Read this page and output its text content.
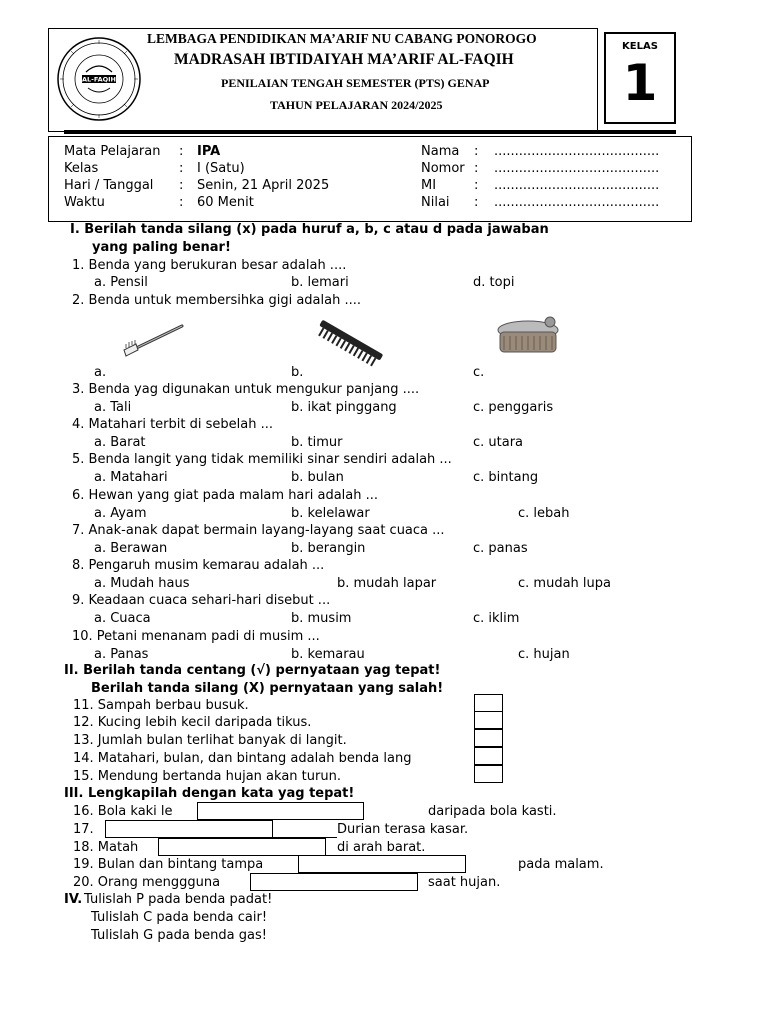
AL-FAQIH
LEMBAGA PENDIDIKAN MA’ARIF NU CABANG PONOROGO
MADRASAH IBTIDAIYAH MA’ARIF AL-FAQIH
PENILAIAN TENGAH SEMESTER (PTS) GENAP
TAHUN PELAJARAN 2024/2025
KELAS
1
Mata Pelajaran : IPA
Kelas	: I (Satu)
Hari / Tanggal : Senin, 21 April 2025
Waktu	: 60 Menit
Nama : ........................................
Nomor : ........................................
MI	: ........................................
Nilai : ........................................
I. Berilah tanda silang (x) pada huruf a, b, c atau d pada jawaban
yang paling benar!
1. Benda yang berukuran besar adalah ....
a. Pensil	b. lemari	d. topi
2. Benda untuk membersihka gigi adalah ....
a.	b.	c.
3. Benda yag digunakan untuk mengukur panjang ....
a. Tali	b. ikat pinggang	c. penggaris
4. Matahari terbit di sebelah ...
a. Barat	b. timur	c. utara
5. Benda langit yang tidak memiliki sinar sendiri adalah ...
a. Matahari	b. bulan	c. bintang
6. Hewan yang giat pada malam hari adalah ...
a. Ayam	b. kelelawar	c. lebah
7. Anak-anak dapat bermain layang-layang saat cuaca ...
a. Berawan	b. berangin	c. panas
8. Pengaruh musim kemarau adalah ...
a. Mudah haus	b. mudah lapar	c. mudah lupa
9. Keadaan cuaca sehari-hari disebut ...
a. Cuaca	b. musim	c. iklim
10. Petani menanam padi di musim ...
a. Panas	b. kemarau	c. hujan
II. Berilah tanda centang (√) pernyataan yag tepat!
Berilah tanda silang (X) pernyataan yang salah!
11. Sampah berbau busuk.
12. Kucing lebih kecil daripada tikus.
13. Jumlah bulan terlihat banyak di langit.
14. Matahari, bulan, dan bintang adalah benda lang
15. Mendung bertanda hujan akan turun.
III. Lengkapilah dengan kata yag tepat!
16. Bola kaki le	daripada bola kasti.
17.	Durian terasa kasar.
18. Matah	di arah barat.
19. Bulan dan bintang tampa	pada malam.
20. Orang menggguna	saat hujan.
IV. Tulislah P pada benda padat!
Tulislah C pada benda cair!
Tulislah G pada benda gas!
